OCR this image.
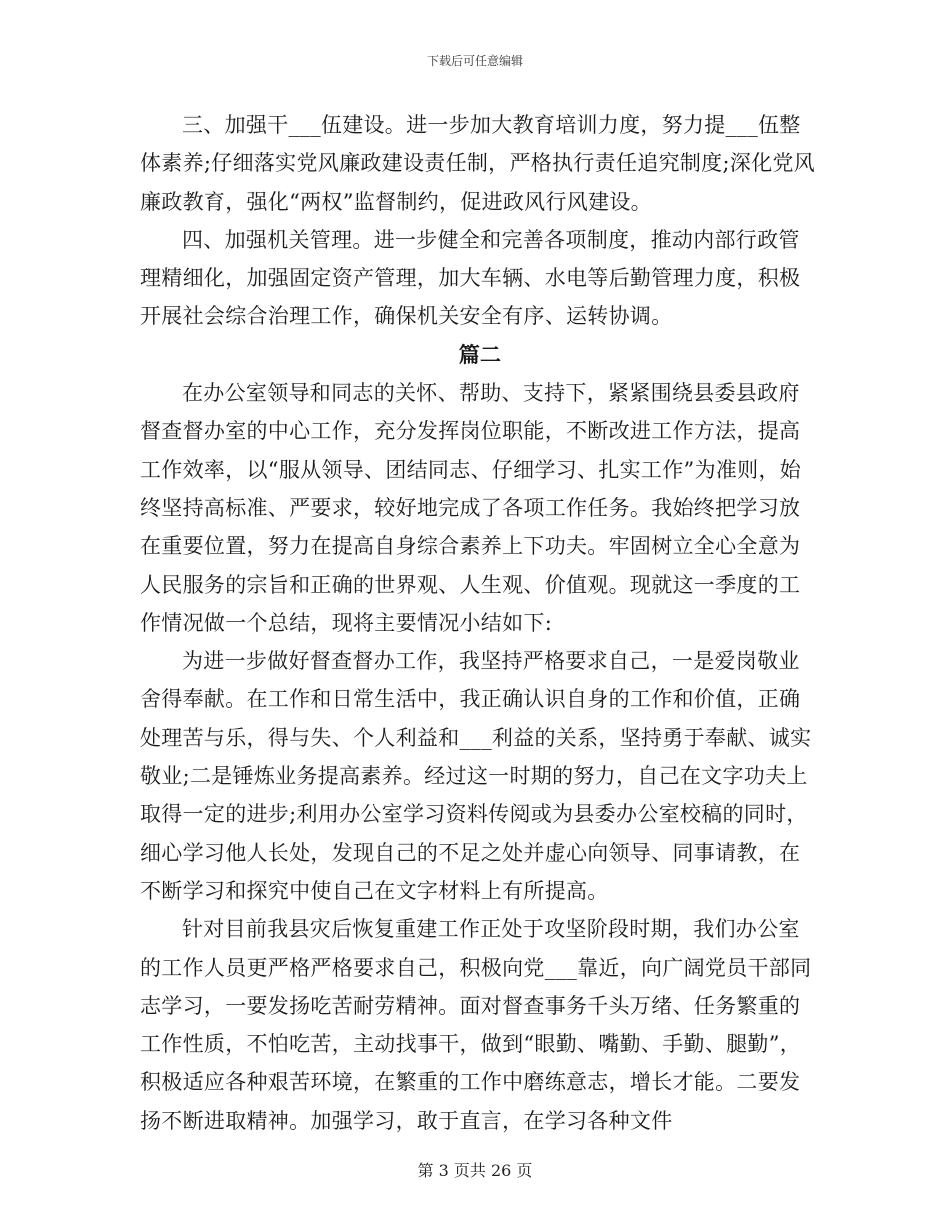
下载后可任意编辑

三、加强干___伍建设。进一步加大教育培训力度，努力提___伍整体素养;仔细落实党风廉政建设责任制，严格执行责任追究制度;深化党风廉政教育，强化“两权”监督制约，促进政风行风建设。

四、加强机关管理。进一步健全和完善各项制度，推动内部行政管理精细化，加强固定资产管理，加大车辆、水电等后勤管理力度，积极开展社会综合治理工作，确保机关安全有序、运转协调。

篇二

在办公室领导和同志的关怀、帮助、支持下，紧紧围绕县委县政府督查督办室的中心工作，充分发挥岗位职能，不断改进工作方法，提高工作效率，以“服从领导、团结同志、仔细学习、扎实工作”为准则，始终坚持高标准、严要求，较好地完成了各项工作任务。我始终把学习放在重要位置，努力在提高自身综合素养上下功夫。牢固树立全心全意为人民服务的宗旨和正确的世界观、人生观、价值观。现就这一季度的工作情况做一个总结，现将主要情况小结如下:

为进一步做好督查督办工作，我坚持严格要求自己，一是爱岗敬业舍得奉献。在工作和日常生活中，我正确认识自身的工作和价值，正确处理苦与乐，得与失、个人利益和___利益的关系，坚持勇于奉献、诚实敬业;二是锤炼业务提高素养。经过这一时期的努力，自己在文字功夫上取得一定的进步;利用办公室学习资料传阅或为县委办公室校稿的同时，细心学习他人长处，发现自己的不足之处并虚心向领导、同事请教，在不断学习和探究中使自己在文字材料上有所提高。

针对目前我县灾后恢复重建工作正处于攻坚阶段时期，我们办公室的工作人员更严格严格要求自己，积极向党___靠近，向广阔党员干部同志学习，一要发扬吃苦耐劳精神。面对督查事务千头万绪、任务繁重的工作性质，不怕吃苦，主动找事干，做到“眼勤、嘴勤、手勤、腿勤”，积极适应各种艰苦环境，在繁重的工作中磨练意志，增长才能。二要发扬不断进取精神。加强学习，敢于直言，在学习各种文件

第 3 页共 26 页
